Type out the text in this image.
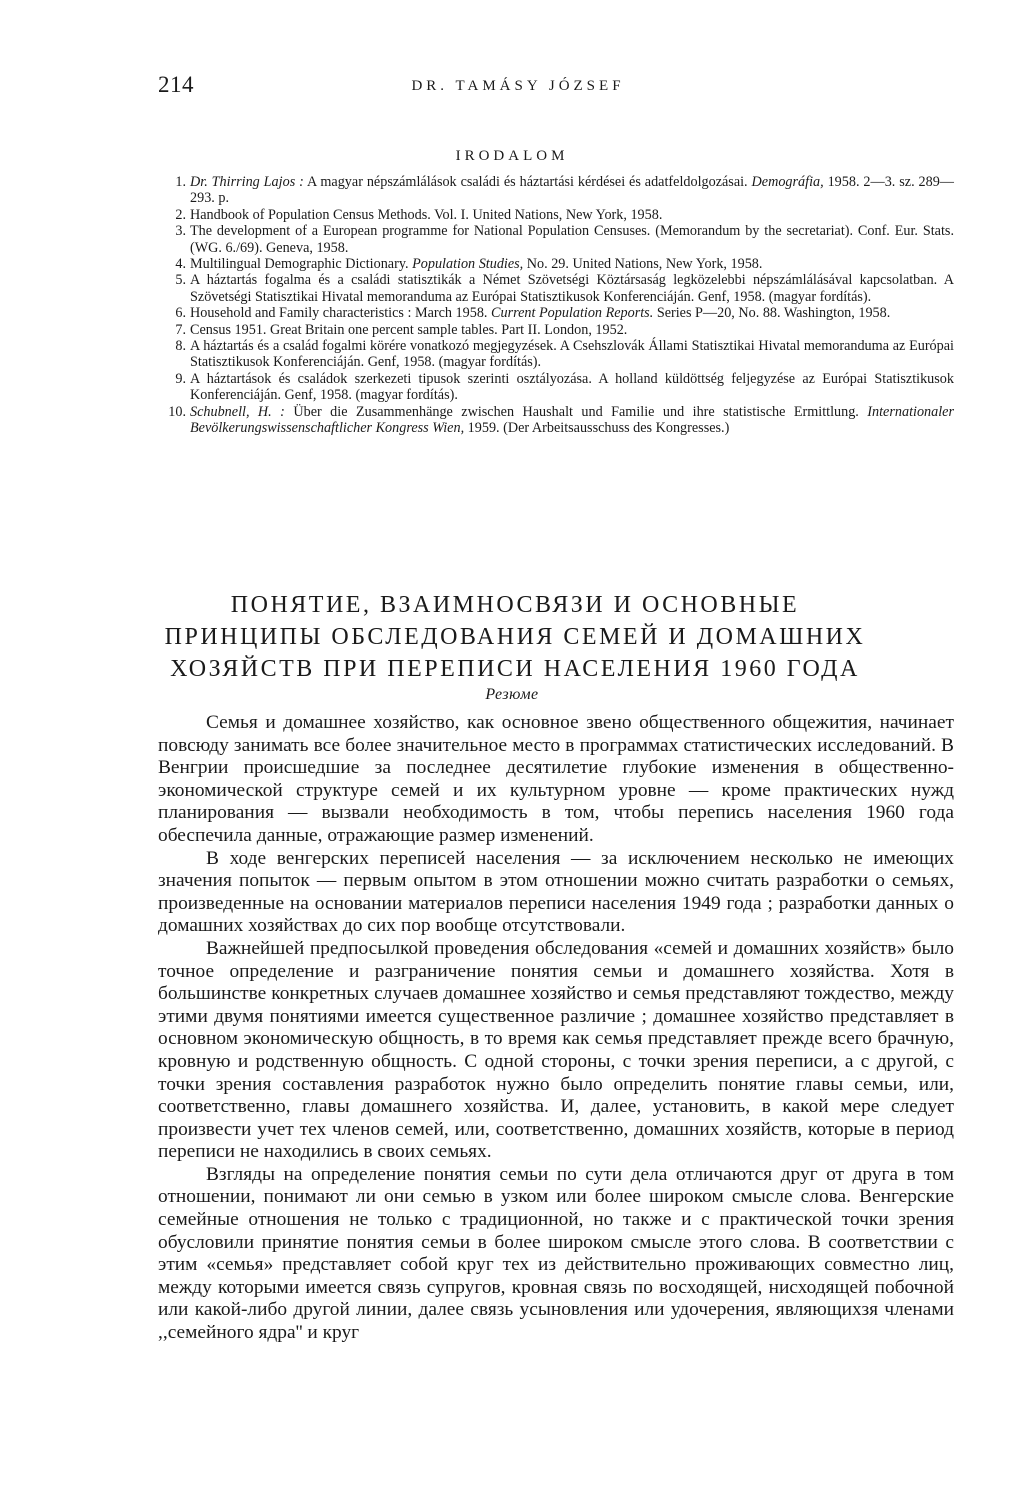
214	DR. TAMÁSY JÓZSEF
IRODALOM
1. Dr. Thirring Lajos : A magyar népszámlálások családi és háztartási kérdései és adatfeldolgozásai. Demográfia, 1958. 2—3. sz. 289—293. p.
2. Handbook of Population Census Methods. Vol. I. United Nations, New York, 1958.
3. The development of a European programme for National Population Censuses. (Memorandum by the secretariat). Conf. Eur. Stats. (WG. 6./69). Geneva, 1958.
4. Multilingual Demographic Dictionary. Population Studies, No. 29. United Nations, New York, 1958.
5. A háztartás fogalma és a családi statisztikák a Német Szövetségi Köztársaság legközelebbi népszámlálásával kapcsolatban. A Szövetségi Statisztikai Hivatal memoranduma az Európai Statisztikusok Konferenciáján. Genf, 1958. (magyar fordítás).
6. Household and Family characteristics : March 1958. Current Population Reports. Series P—20, No. 88. Washington, 1958.
7. Census 1951. Great Britain one percent sample tables. Part II. London, 1952.
8. A háztartás és a család fogalmi körére vonatkozó megjegyzések. A Csehszlovák Állami Statisztikai Hivatal memoranduma az Európai Statisztikusok Konferenciáján. Genf, 1958. (magyar fordítás).
9. A háztartások és családok szerkezeti tipusok szerinti osztályozása. A holland küldöttség feljegyzése az Európai Statisztikusok Konferenciáján. Genf, 1958. (magyar fordítás).
10. Schubnell, H. : Über die Zusammenhänge zwischen Haushalt und Familie und ihre statistische Ermittlung. Internationaler Bevölkerungswissenschaftlicher Kongress Wien, 1959. (Der Arbeitsausschuss des Kongresses.)
ПОНЯТИЕ, ВЗАИМНОСВЯЗИ И ОСНОВНЫЕ
ПРИНЦИПЫ ОБСЛЕДОВАНИЯ СЕМЕЙ И ДОМАШНИХ
ХОЗЯЙСТВ ПРИ ПЕРЕПИСИ НАСЕЛЕНИЯ 1960 ГОДА
Резюме

Семья и домашнее хозяйство, как основное звено общественного общежития, начинает повсюду занимать все более значительное место в программах статистических исследований. В Венгрии происшедшие за последнее десятилетие глубокие изменения в общественно-экономической структуре семей и их культурном уровне — кроме практических нужд планирования — вызвали необходимость в том, чтобы перепись населения 1960 года обеспечила данные, отражающие размер изменений.

В ходе венгерских переписей населения — за исключением несколько не имеющих значения попыток — первым опытом в этом отношении можно считать разработки о семьях, произведенные на основании материалов переписи населения 1949 года ; разработки данных о домашних хозяйствах до сих пор вообще отсутствовали.

Важнейшей предпосылкой проведения обследования «семей и домашних хозяйств» было точное определение и разграничение понятия семьи и домашнего хозяйства. Хотя в большинстве конкретных случаев домашнее хозяйство и семья представляют тождество, между этими двумя понятиями имеется существенное различие ; домашнее хозяйство представляет в основном экономическую общность, в то время как семья представляет прежде всего брачную, кровную и родственную общность. С одной стороны, с точки зрения переписи, а с другой, с точки зрения составления разработок нужно было определить понятие главы семьи, или, соответственно, главы домашнего хозяйства. И, далее, установить, в какой мере следует произвести учет тех членов семей, или, соответственно, домашних хозяйств, которые в период переписи не находились в своих семьях.

Взгляды на определение понятия семьи по сути дела отличаются друг от друга в том отношении, понимают ли они семью в узком или более широком смысле слова. Венгерские семейные отношения не только с традиционной, но также и с практической точки зрения обусловили принятие понятия семьи в более широком смысле этого слова. В соответствии с этим «семья» представляет собой круг тех из действительно проживающих совместно лиц, между которыми имеется связь супругов, кровная связь по восходящей, нисходящей побочной или какой-либо другой линии, далее связь усыновления или удочерения, являющихзя членами ,,семейного ядра'' и круг
